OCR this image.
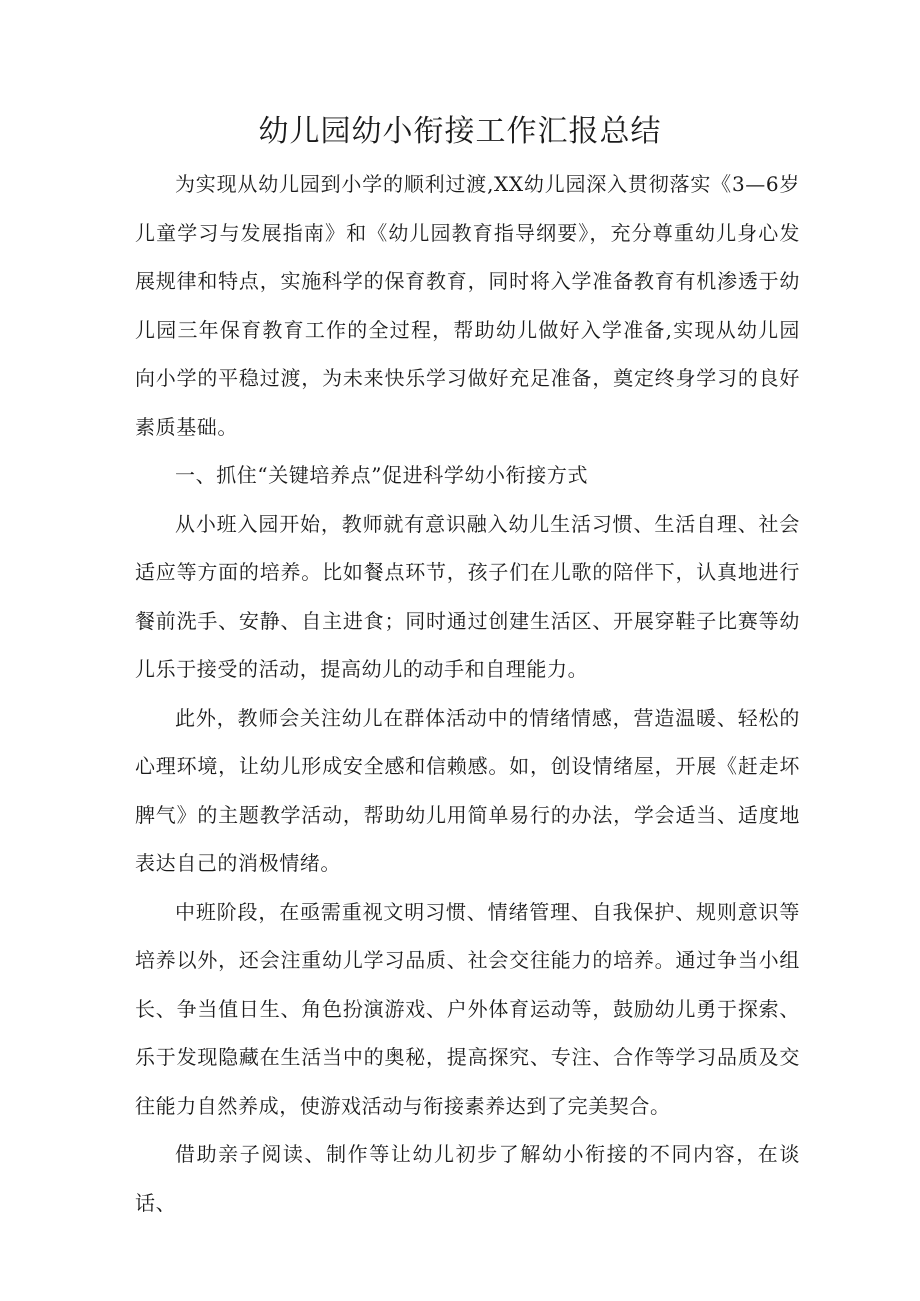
幼儿园幼小衔接工作汇报总结

为实现从幼儿园到小学的顺利过渡,XX幼儿园深入贯彻落实《3—6岁儿童学习与发展指南》和《幼儿园教育指导纲要》，充分尊重幼儿身心发展规律和特点，实施科学的保育教育，同时将入学准备教育有机渗透于幼儿园三年保育教育工作的全过程，帮助幼儿做好入学准备,实现从幼儿园向小学的平稳过渡，为未来快乐学习做好充足准备，奠定终身学习的良好素质基础。

一、抓住“关键培养点”促进科学幼小衔接方式

从小班入园开始，教师就有意识融入幼儿生活习惯、生活自理、社会适应等方面的培养。比如餐点环节，孩子们在儿歌的陪伴下，认真地进行餐前洗手、安静、自主进食；同时通过创建生活区、开展穿鞋子比赛等幼儿乐于接受的活动，提高幼儿的动手和自理能力。

此外，教师会关注幼儿在群体活动中的情绪情感，营造温暖、轻松的心理环境，让幼儿形成安全感和信赖感。如，创设情绪屋，开展《赶走坏脾气》的主题教学活动，帮助幼儿用简单易行的办法，学会适当、适度地表达自己的消极情绪。

中班阶段，在亟需重视文明习惯、情绪管理、自我保护、规则意识等培养以外，还会注重幼儿学习品质、社会交往能力的培养。通过争当小组长、争当值日生、角色扮演游戏、户外体育运动等，鼓励幼儿勇于探索、乐于发现隐藏在生活当中的奥秘，提高探究、专注、合作等学习品质及交往能力自然养成，使游戏活动与衔接素养达到了完美契合。

借助亲子阅读、制作等让幼儿初步了解幼小衔接的不同内容，在谈话、
